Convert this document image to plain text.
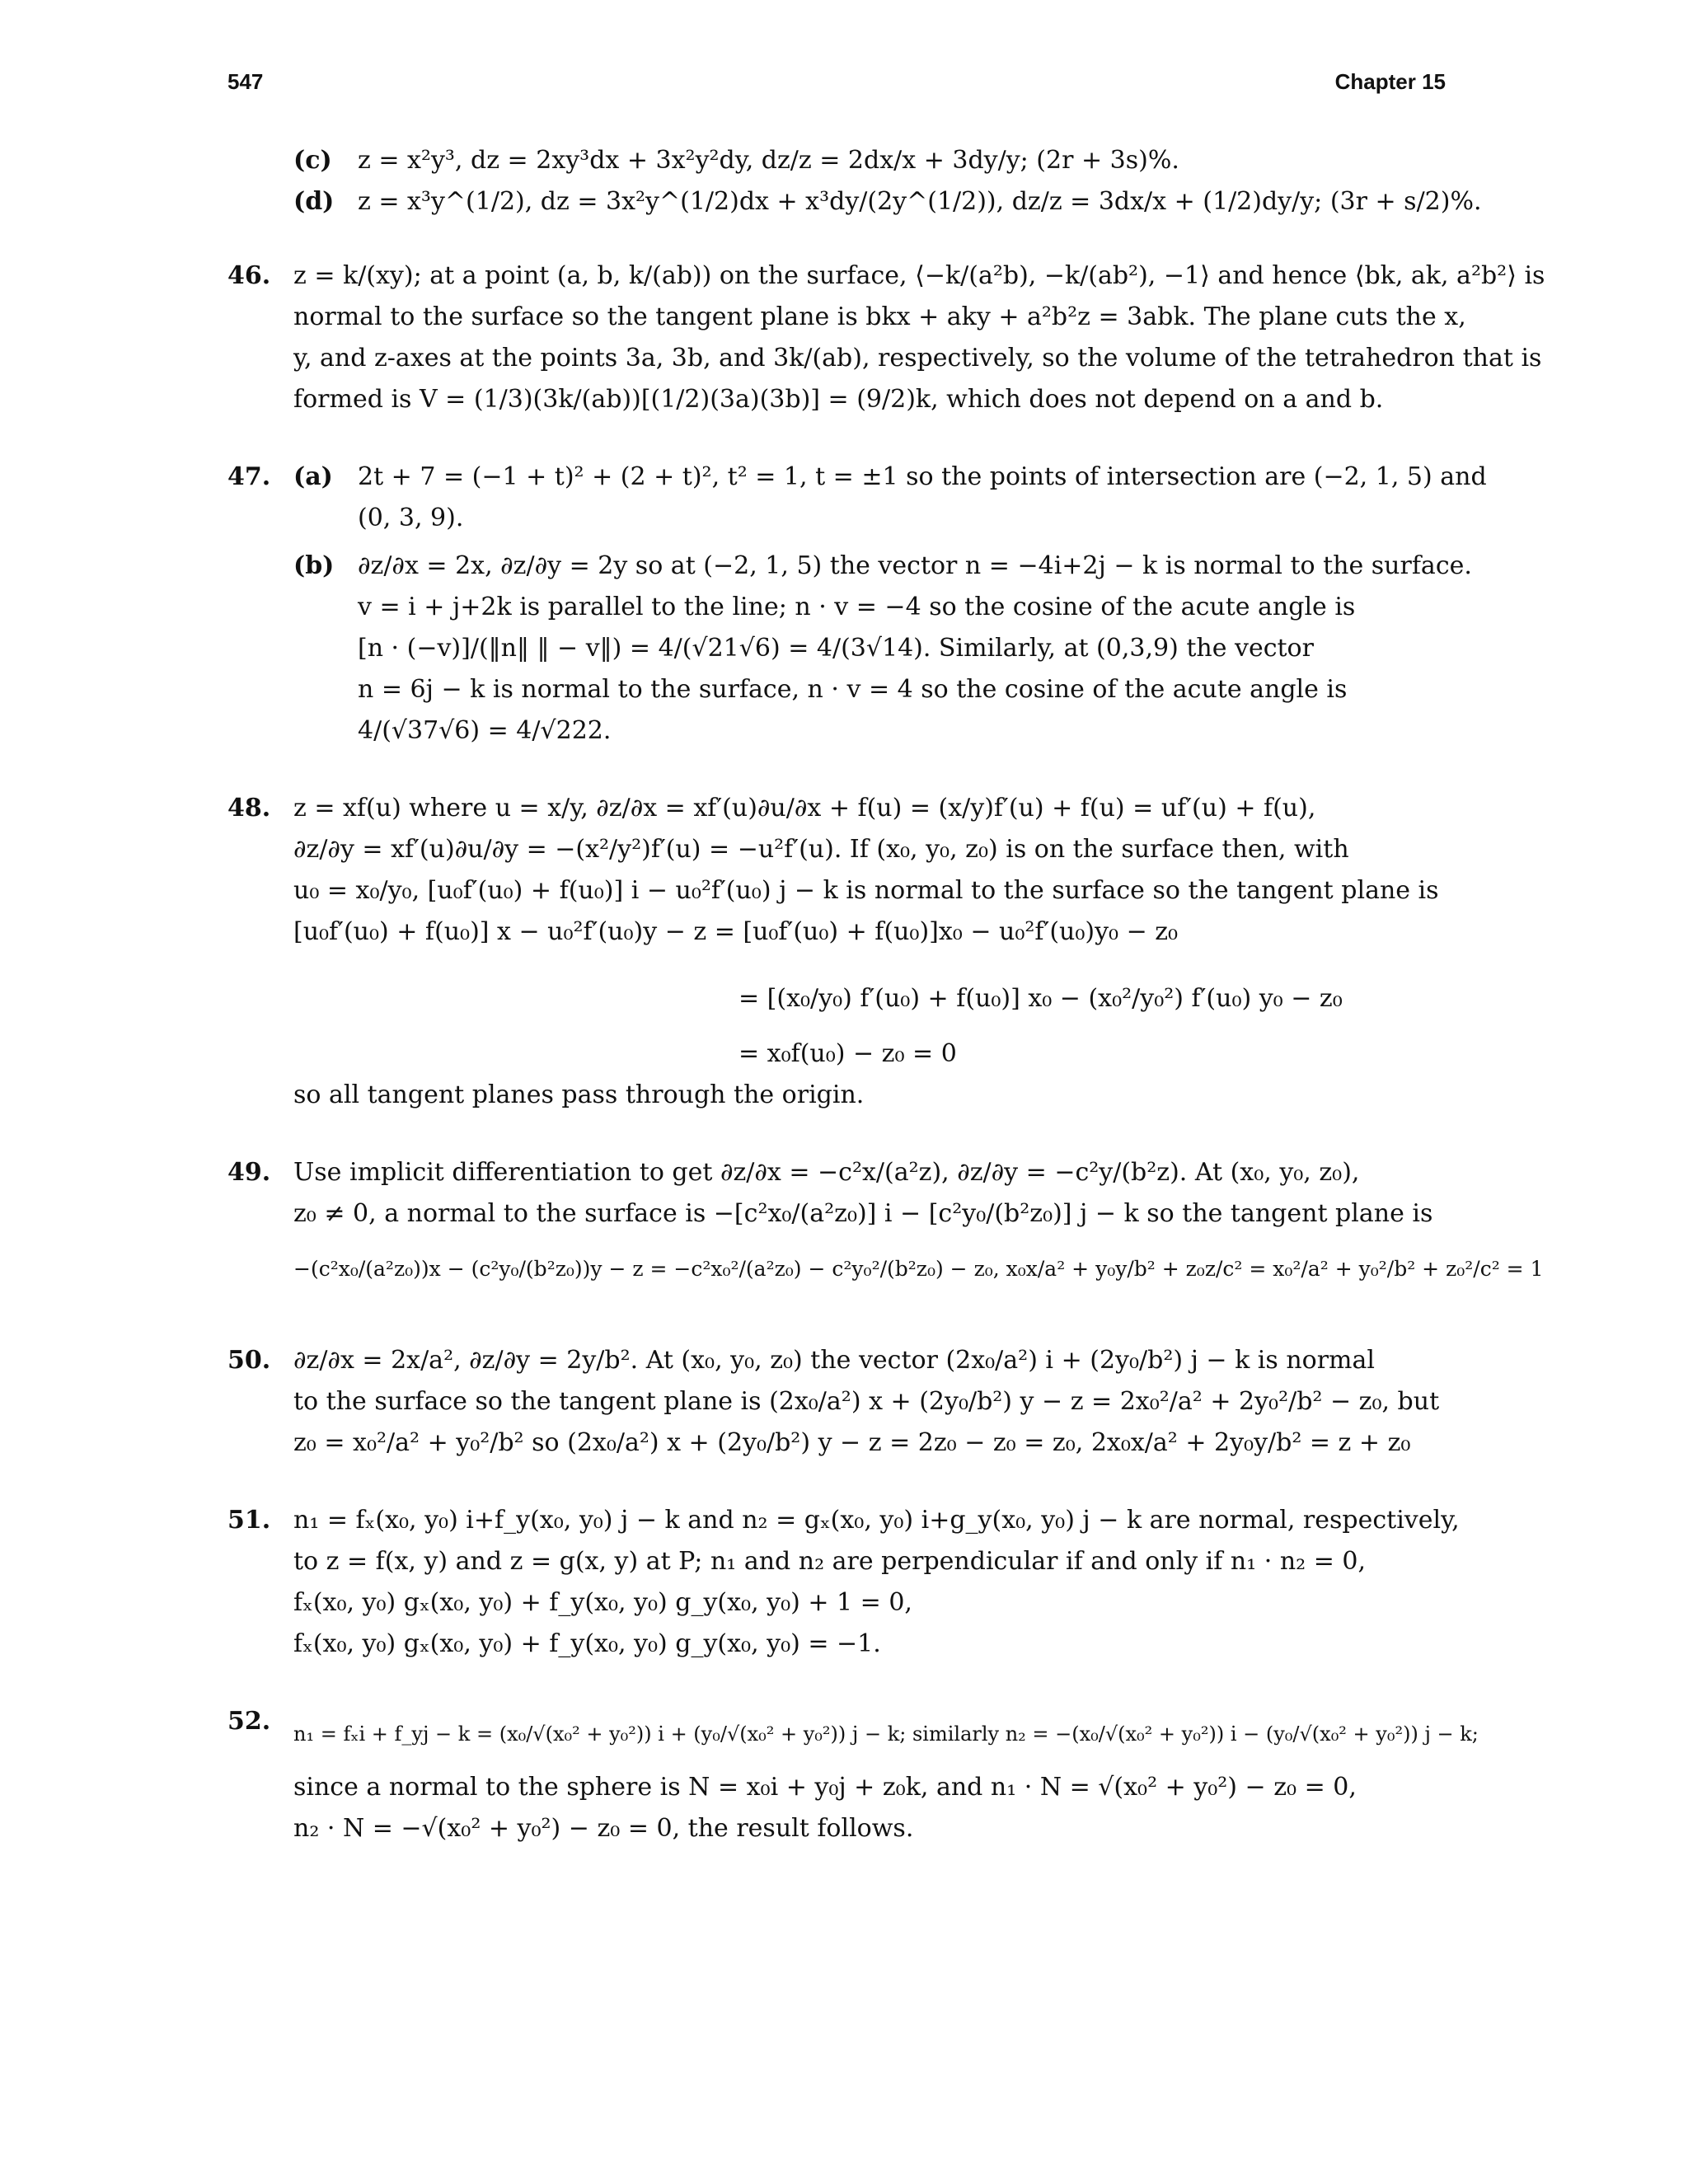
547	Chapter 15
(c) z = x²y³, dz = 2xy³dx + 3x²y²dy, dz/z = 2dx/x + 3dy/y; (2r + 3s)%.
(d) z = x³y^(1/2), dz = 3x²y^(1/2)dx + x³dy/(2y^(1/2)), dz/z = 3dx/x + (1/2)dy/y; (3r + s/2)%.
46. z = k/(xy); at a point (a, b, k/(ab)) on the surface, ⟨−k/(a²b), −k/(ab²), −1⟩ and hence ⟨bk, ak, a²b²⟩ is
normal to the surface so the tangent plane is bkx + aky + a²b²z = 3abk. The plane cuts the x,
y, and z-axes at the points 3a, 3b, and 3k/(ab), respectively, so the volume of the tetrahedron that is
formed is V = (1/3)(3k/(ab))[(1/2)(3a)(3b)] = (9/2)k, which does not depend on a and b.
47. (a) 2t + 7 = (−1 + t)² + (2 + t)², t² = 1, t = ±1 so the points of intersection are (−2, 1, 5) and
(0, 3, 9).
(b) ∂z/∂x = 2x, ∂z/∂y = 2y so at (−2, 1, 5) the vector n = −4i+2j − k is normal to the surface.
v = i + j+2k is parallel to the line; n · v = −4 so the cosine of the acute angle is
[n · (−v)]/(‖n‖ ‖ − v‖) = 4/(√21√6) = 4/(3√14). Similarly, at (0,3,9) the vector
n = 6j − k is normal to the surface, n · v = 4 so the cosine of the acute angle is
4/(√37√6) = 4/√222.
48. z = xf(u) where u = x/y, ∂z/∂x = xf′(u)∂u/∂x + f(u) = (x/y)f′(u) + f(u) = uf′(u) + f(u),
∂z/∂y = xf′(u)∂u/∂y = −(x²/y²)f′(u) = −u²f′(u). If (x₀, y₀, z₀) is on the surface then, with
u₀ = x₀/y₀, [u₀f′(u₀) + f(u₀)] i − u₀²f′(u₀) j − k is normal to the surface so the tangent plane is
[u₀f′(u₀) + f(u₀)] x − u₀²f′(u₀)y − z = [u₀f′(u₀) + f(u₀)]x₀ − u₀²f′(u₀)y₀ − z₀
= [(x₀/y₀) f′(u₀) + f(u₀)] x₀ − (x₀²/y₀²) f′(u₀) y₀ − z₀
= x₀f(u₀) − z₀ = 0
so all tangent planes pass through the origin.
49. Use implicit differentiation to get ∂z/∂x = −c²x/(a²z), ∂z/∂y = −c²y/(b²z). At (x₀, y₀, z₀),
z₀ ≠ 0, a normal to the surface is −[c²x₀/(a²z₀)] i − [c²y₀/(b²z₀)] j − k so the tangent plane is
−(c²x₀/(a²z₀))x − (c²y₀/(b²z₀))y − z = −c²x₀²/(a²z₀) − c²y₀²/(b²z₀) − z₀, x₀x/a² + y₀y/b² + z₀z/c² = x₀²/a² + y₀²/b² + z₀²/c² = 1
50. ∂z/∂x = 2x/a², ∂z/∂y = 2y/b². At (x₀, y₀, z₀) the vector (2x₀/a²) i + (2y₀/b²) j − k is normal
to the surface so the tangent plane is (2x₀/a²) x + (2y₀/b²) y − z = 2x₀²/a² + 2y₀²/b² − z₀, but
z₀ = x₀²/a² + y₀²/b² so (2x₀/a²) x + (2y₀/b²) y − z = 2z₀ − z₀ = z₀, 2x₀x/a² + 2y₀y/b² = z + z₀
51. n₁ = fₓ(x₀, y₀) i+f_y(x₀, y₀) j − k and n₂ = gₓ(x₀, y₀) i+g_y(x₀, y₀) j − k are normal, respectively,
to z = f(x, y) and z = g(x, y) at P; n₁ and n₂ are perpendicular if and only if n₁ · n₂ = 0,
fₓ(x₀, y₀) gₓ(x₀, y₀) + f_y(x₀, y₀) g_y(x₀, y₀) + 1 = 0,
fₓ(x₀, y₀) gₓ(x₀, y₀) + f_y(x₀, y₀) g_y(x₀, y₀) = −1.
52. n₁ = fₓi + f_yj − k = (x₀/√(x₀² + y₀²)) i + (y₀/√(x₀² + y₀²)) j − k; similarly n₂ = −(x₀/√(x₀² + y₀²)) i − (y₀/√(x₀² + y₀²)) j − k;
since a normal to the sphere is N = x₀i + y₀j + z₀k, and n₁ · N = √(x₀² + y₀²) − z₀ = 0,
n₂ · N = −√(x₀² + y₀²) − z₀ = 0, the result follows.
